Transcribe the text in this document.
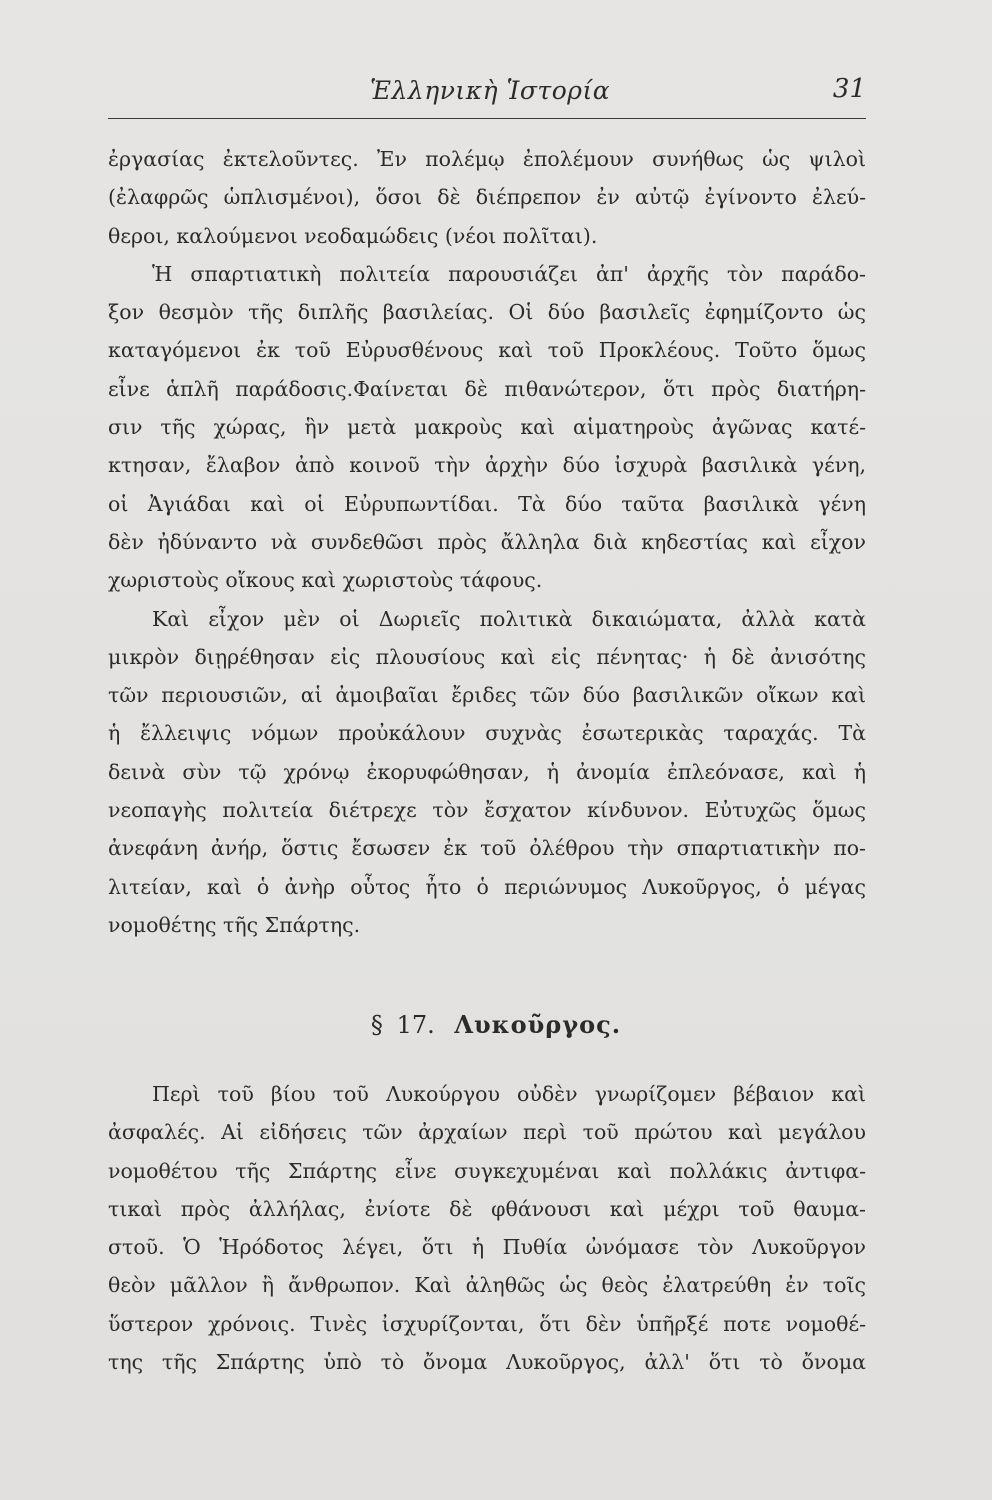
Ἑλληνικὴ Ἱστορία	31
ἐργασίας ἐκτελοῦντες. Ἐν πολέμῳ ἐπολέμουν συνήθως ὡς ψιλοὶ
(ἐλαφρῶς ὡπλισμένοι), ὅσοι δὲ διέπρεπον ἐν αὐτῷ ἐγίνοντο ἐλεύ-
θεροι, καλούμενοι νεοδαμώδεις (νέοι πολῖται).
Ἡ σπαρτιατικὴ πολιτεία παρουσιάζει ἀπ' ἀρχῆς τὸν παράδο-
ξον θεσμὸν τῆς διπλῆς βασιλείας. Οἱ δύο βασιλεῖς ἐφημίζοντο ὡς
καταγόμενοι ἐκ τοῦ Εὐρυσθένους καὶ τοῦ Προκλέους. Τοῦτο ὅμως
εἶνε ἁπλῆ παράδοσις.Φαίνεται δὲ πιθανώτερον, ὅτι πρὸς διατήρη-
σιν τῆς χώρας, ἣν μετὰ μακροὺς καὶ αἱματηροὺς ἀγῶνας κατέ-
κτησαν, ἔλαβον ἀπὸ κοινοῦ τὴν ἀρχὴν δύο ἰσχυρὰ βασιλικὰ γένη,
οἱ Ἀγιάδαι καὶ οἱ Εὐρυπωντίδαι. Τὰ δύο ταῦτα βασιλικὰ γένη
δὲν ἠδύναντο νὰ συνδεθῶσι πρὸς ἄλληλα διὰ κηδεστίας καὶ εἶχον
χωριστοὺς οἴκους καὶ χωριστοὺς τάφους.
Καὶ εἶχον μὲν οἱ Δωριεῖς πολιτικὰ δικαιώματα, ἀλλὰ κατὰ
μικρὸν διῃρέθησαν εἰς πλουσίους καὶ εἰς πένητας· ἡ δὲ ἀνισότης
τῶν περιουσιῶν, αἱ ἀμοιβαῖαι ἔριδες τῶν δύο βασιλικῶν οἴκων καὶ
ἡ ἔλλειψις νόμων προὐκάλουν συχνὰς ἐσωτερικὰς ταραχάς. Τὰ
δεινὰ σὺν τῷ χρόνῳ ἐκορυφώθησαν, ἡ ἀνομία ἐπλεόνασε, καὶ ἡ
νεοπαγὴς πολιτεία διέτρεχε τὸν ἔσχατον κίνδυνον. Εὐτυχῶς ὅμως
ἀνεφάνη ἀνήρ, ὅστις ἔσωσεν ἐκ τοῦ ὀλέθρου τὴν σπαρτιατικὴν πο-
λιτείαν, καὶ ὁ ἀνὴρ οὗτος ἦτο ὁ περιώνυμος Λυκοῦργος, ὁ μέγας
νομοθέτης τῆς Σπάρτης.
§ 17. Λυκοῦργος.
Περὶ τοῦ βίου τοῦ Λυκούργου οὐδὲν γνωρίζομεν βέβαιον καὶ
ἀσφαλές. Αἱ εἰδήσεις τῶν ἀρχαίων περὶ τοῦ πρώτου καὶ μεγάλου
νομοθέτου τῆς Σπάρτης εἶνε συγκεχυμέναι καὶ πολλάκις ἀντιφα-
τικαὶ πρὸς ἀλλήλας, ἐνίοτε δὲ φθάνουσι καὶ μέχρι τοῦ θαυμα-
στοῦ. Ὁ Ἡρόδοτος λέγει, ὅτι ἡ Πυθία ὠνόμασε τὸν Λυκοῦργον
θεὸν μᾶλλον ἢ ἄνθρωπον. Καὶ ἀληθῶς ὡς θεὸς ἐλατρεύθη ἐν τοῖς
ὕστερον χρόνοις. Τινὲς ἰσχυρίζονται, ὅτι δὲν ὑπῆρξέ ποτε νομοθέ-
της τῆς Σπάρτης ὑπὸ τὸ ὄνομα Λυκοῦργος, ἀλλ' ὅτι τὸ ὄνομα
